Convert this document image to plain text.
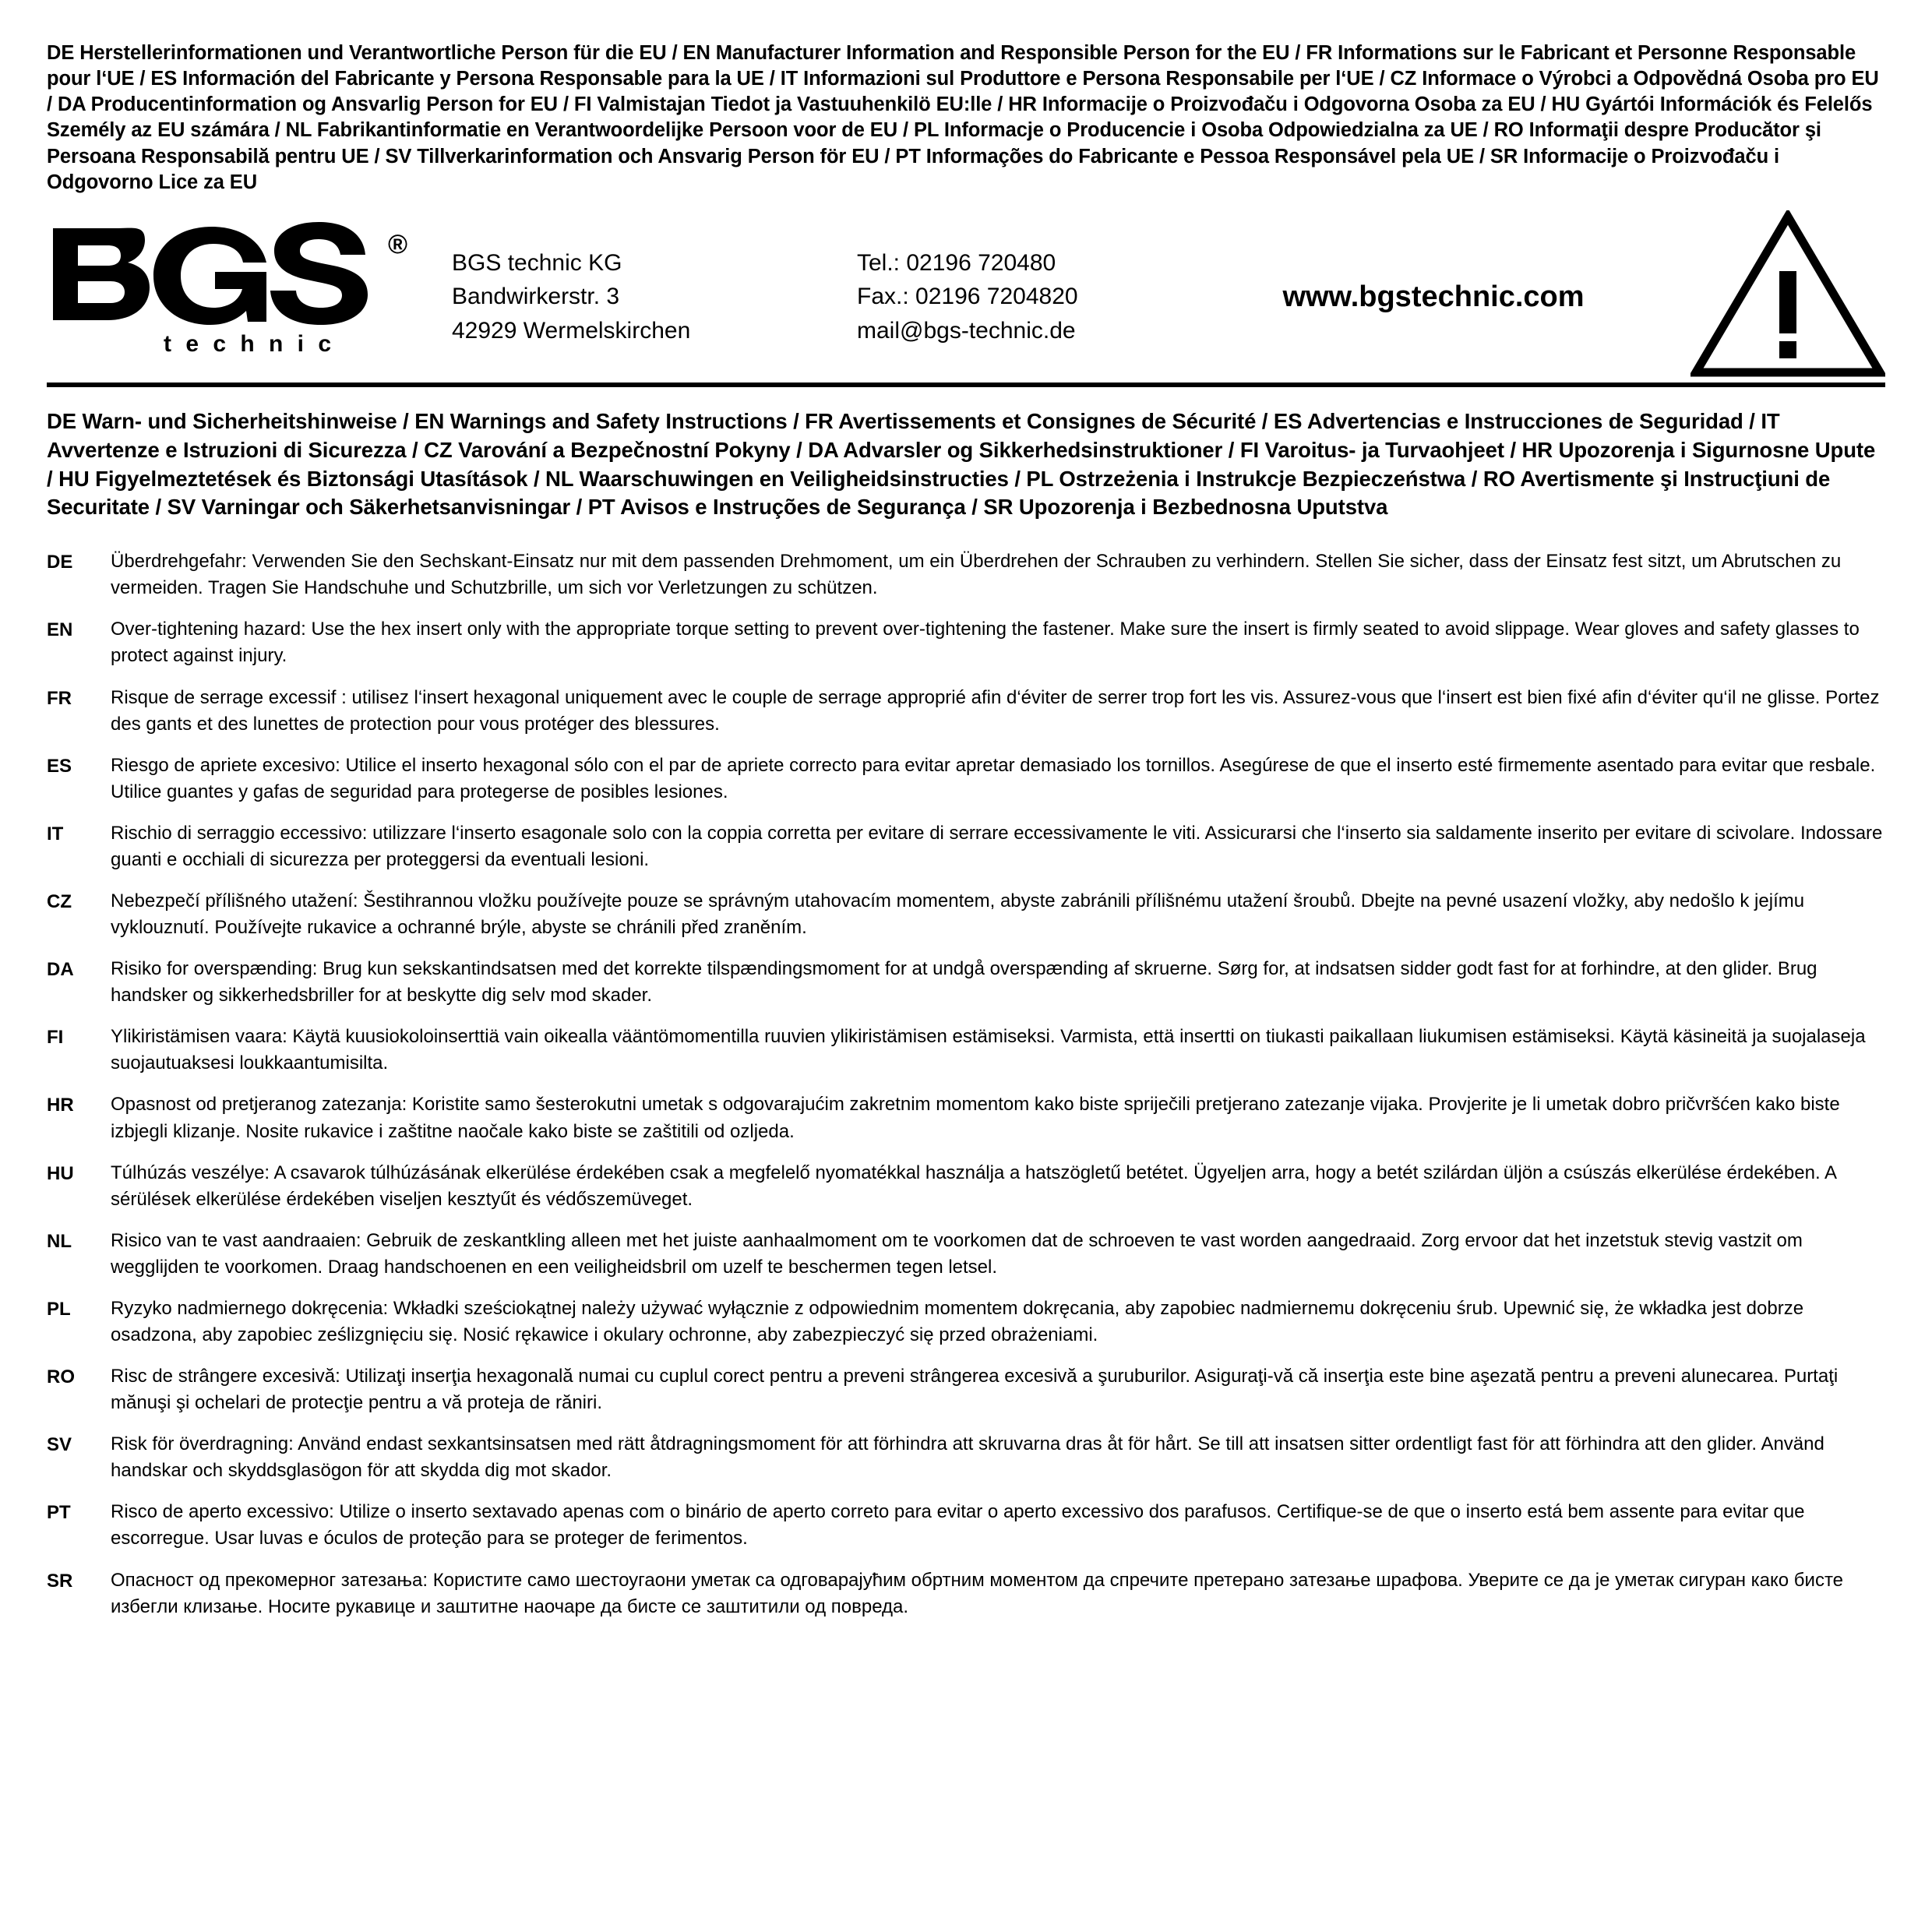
DE Herstellerinformationen und Verantwortliche Person für die EU / EN Manufacturer Information and Responsible Person for the EU / FR Informations sur le Fabricant et Personne Responsable pour l‘UE / ES Información del Fabricante y Persona Responsable para la UE / IT Informazioni sul Produttore e Persona Responsabile per l‘UE / CZ Informace o Výrobci a Odpovědná Osoba pro EU / DA Producentinformation og Ansvarlig Person for EU / FI Valmistajan Tiedot ja Vastuuhenkilö EU:lle / HR Informacije o Proizvođaču i Odgovorna Osoba za EU / HU Gyártói Információk és Felelős Személy az EU számára / NL Fabrikantinformatie en Verantwoordelijke Persoon voor de EU / PL Informacje o Producencie i Osoba Odpowiedzialna za UE / RO Informaţii despre Producător şi Persoana Responsabilă pentru UE / SV Tillverkarinformation och Ansvarig Person för EU / PT Informações do Fabricante e Pessoa Responsável pela UE / SR Informacije o Proizvođaču i Odgovorno Lice za EU
®
t e c h n i c
BGS technic KG
Bandwirkerstr. 3
42929 Wermelskirchen
Tel.: 02196 720480
Fax.: 02196 7204820
mail@bgs-technic.de
www.bgstechnic.com
DE Warn- und Sicherheitshinweise / EN Warnings and Safety Instructions / FR Avertissements et Consignes de Sécurité / ES Advertencias e Instrucciones de Seguridad / IT Avvertenze e Istruzioni di Sicurezza / CZ Varování a Bezpečnostní Pokyny / DA Advarsler og Sikkerhedsinstruktioner / FI Varoitus- ja Turvaohjeet / HR Upozorenja i Sigurnosne Upute / HU Figyelmeztetések és Biztonsági Utasítások / NL Waarschuwingen en Veiligheidsinstructies / PL Ostrzeżenia i Instrukcje Bezpieczeństwa / RO Avertismente şi Instrucţiuni de Securitate / SV Varningar och Säkerhetsanvisningar / PT Avisos e Instruções de Segurança / SR Upozorenja i Bezbednosna Uputstva
DE	Überdrehgefahr: Verwenden Sie den Sechskant-Einsatz nur mit dem passenden Drehmoment, um ein Überdrehen der Schrauben zu verhindern. Stellen Sie sicher, dass der Einsatz fest sitzt, um Abrutschen zu vermeiden. Tragen Sie Handschuhe und Schutzbrille, um sich vor Verletzungen zu schützen.
EN	Over-tightening hazard: Use the hex insert only with the appropriate torque setting to prevent over-tightening the fastener. Make sure the insert is firmly seated to avoid slippage. Wear gloves and safety glasses to protect against injury.
FR	Risque de serrage excessif : utilisez l‘insert hexagonal uniquement avec le couple de serrage approprié afin d‘éviter de serrer trop fort les vis. Assurez-vous que l‘insert est bien fixé afin d‘éviter qu‘il ne glisse. Portez des gants et des lunettes de protection pour vous protéger des blessures.
ES	Riesgo de apriete excesivo: Utilice el inserto hexagonal sólo con el par de apriete correcto para evitar apretar demasiado los tornillos. Asegúrese de que el inserto esté firmemente asentado para evitar que resbale. Utilice guantes y gafas de seguridad para protegerse de posibles lesiones.
IT	Rischio di serraggio eccessivo: utilizzare l‘inserto esagonale solo con la coppia corretta per evitare di serrare eccessivamente le viti. Assicurarsi che l‘inserto sia saldamente inserito per evitare di scivolare. Indossare guanti e occhiali di sicurezza per proteggersi da eventuali lesioni.
CZ	Nebezpečí přílišného utažení: Šestihrannou vložku používejte pouze se správným utahovacím momentem, abyste zabránili přílišnému utažení šroubů. Dbejte na pevné usazení vložky, aby nedošlo k jejímu vyklouznutí. Používejte rukavice a ochranné brýle, abyste se chránili před zraněním.
DA	Risiko for overspænding: Brug kun sekskantindsatsen med det korrekte tilspændingsmoment for at undgå overspænding af skruerne. Sørg for, at indsatsen sidder godt fast for at forhindre, at den glider. Brug handsker og sikkerhedsbriller for at beskytte dig selv mod skader.
FI	Ylikiristämisen vaara: Käytä kuusiokoloinserttiä vain oikealla vääntömomentilla ruuvien ylikiristämisen estämiseksi. Varmista, että insertti on tiukasti paikallaan liukumisen estämiseksi. Käytä käsineitä ja suojalaseja suojautuaksesi loukkaantumisilta.
HR	Opasnost od pretjeranog zatezanja: Koristite samo šesterokutni umetak s odgovarajućim zakretnim momentom kako biste spriječili pretjerano zatezanje vijaka. Provjerite je li umetak dobro pričvršćen kako biste izbjegli klizanje. Nosite rukavice i zaštitne naočale kako biste se zaštitili od ozljeda.
HU	Túlhúzás veszélye: A csavarok túlhúzásának elkerülése érdekében csak a megfelelő nyomatékkal használja a hatszögletű betétet. Ügyeljen arra, hogy a betét szilárdan üljön a csúszás elkerülése érdekében. A sérülések elkerülése érdekében viseljen kesztyűt és védőszemüveget.
NL	Risico van te vast aandraaien: Gebruik de zeskantkling alleen met het juiste aanhaalmoment om te voorkomen dat de schroeven te vast worden aangedraaid. Zorg ervoor dat het inzetstuk stevig vastzit om wegglijden te voorkomen. Draag handschoenen en een veiligheidsbril om uzelf te beschermen tegen letsel.
PL	Ryzyko nadmiernego dokręcenia: Wkładki sześciokątnej należy używać wyłącznie z odpowiednim momentem dokręcania, aby zapobiec nadmiernemu dokręceniu śrub. Upewnić się, że wkładka jest dobrze osadzona, aby zapobiec ześlizgnięciu się. Nosić rękawice i okulary ochronne, aby zabezpieczyć się przed obrażeniami.
RO	Risc de strângere excesivă: Utilizaţi inserţia hexagonală numai cu cuplul corect pentru a preveni strângerea excesivă a şuruburilor. Asiguraţi-vă că inserţia este bine aşezată pentru a preveni alunecarea. Purtaţi mănuşi şi ochelari de protecţie pentru a vă proteja de răniri.
SV	Risk för överdragning: Använd endast sexkantsinsatsen med rätt åtdragningsmoment för att förhindra att skruvarna dras åt för hårt. Se till att insatsen sitter ordentligt fast för att förhindra att den glider. Använd handskar och skyddsglasögon för att skydda dig mot skador.
PT	Risco de aperto excessivo: Utilize o inserto sextavado apenas com o binário de aperto correto para evitar o aperto excessivo dos parafusos. Certifique-se de que o inserto está bem assente para evitar que escorregue. Usar luvas e óculos de proteção para se proteger de ferimentos.
SR	Опасност од прекомерног затезања: Користите само шестоугаони уметак са одговарајућим обртним моментом да спречите претерано затезање шрафова. Уверите се да је уметак сигуран како бисте избегли клизање. Носите рукавице и заштитне наочаре да бисте се заштитили од повреда.
